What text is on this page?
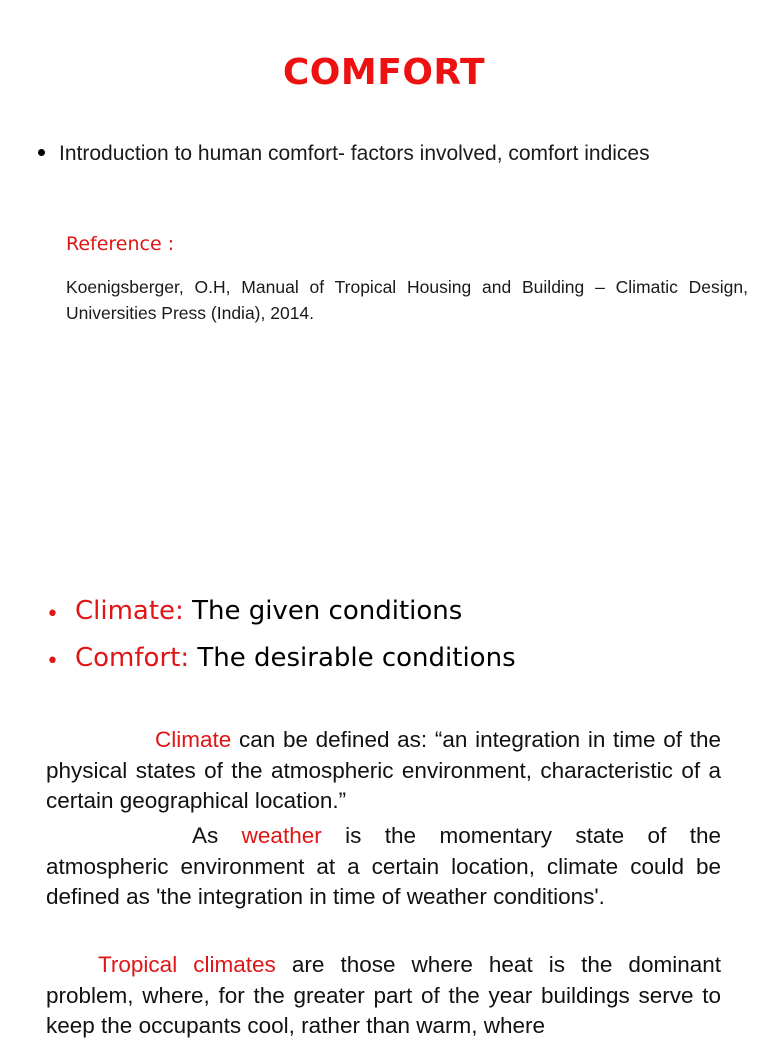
COMFORT
Introduction to human comfort- factors involved, comfort indices
Reference :
Koenigsberger, O.H, Manual of Tropical Housing and Building – Climatic Design, Universities Press (India), 2014.
• Climate: The given conditions
• Comfort: The desirable conditions

Climate can be defined as: “an integration in time of the physical states of the atmospheric environment, characteristic of a certain geographical location.”

As weather is the momentary state of the atmospheric environment at a certain location, climate could be defined as 'the integration in time of weather conditions'.

Tropical climates are those where heat is the dominant problem, where, for the greater part of the year buildings serve to keep the occupants cool, rather than warm, where
